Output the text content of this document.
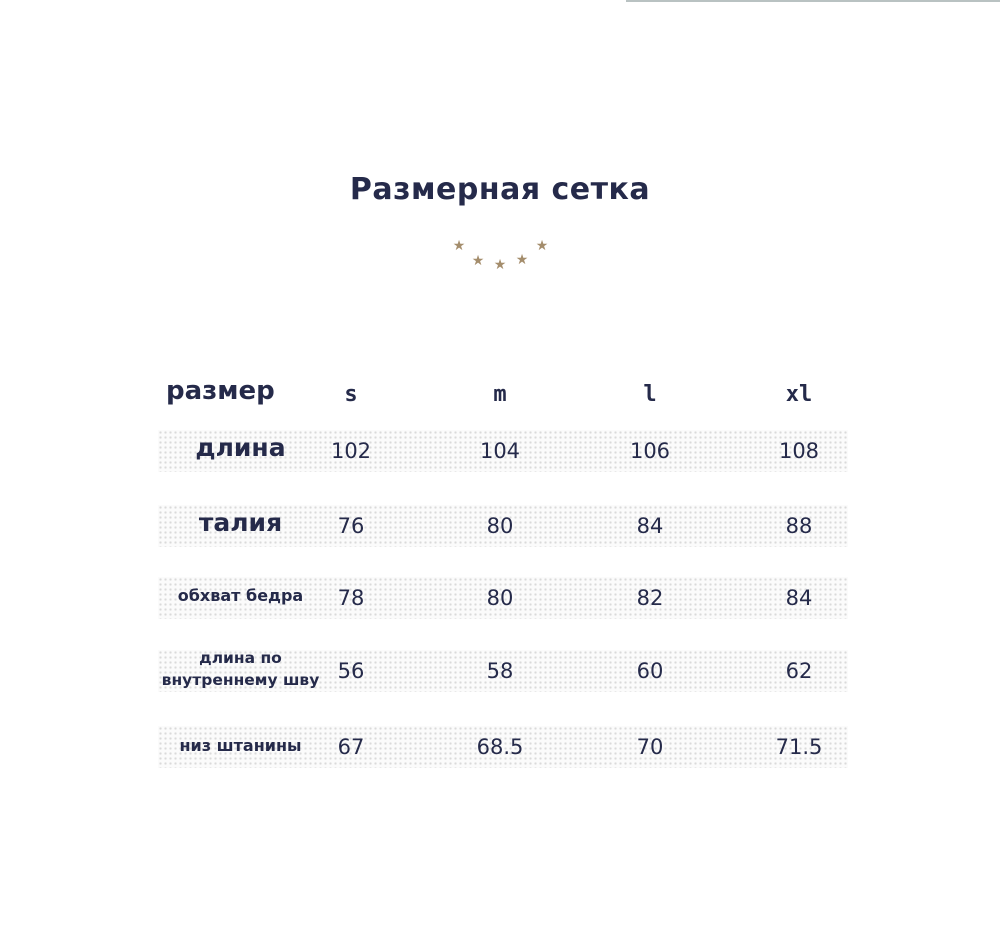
Размерная сетка
★
★ ★ ★
★
размер	s	m	l	xl
длина	102	104	106	108
талия	76	80	84	88
обхват бедра	78	80	82	84
длина по внутреннему шву 56	58	60	62
низ штанины	67	68.5	70	71.5
